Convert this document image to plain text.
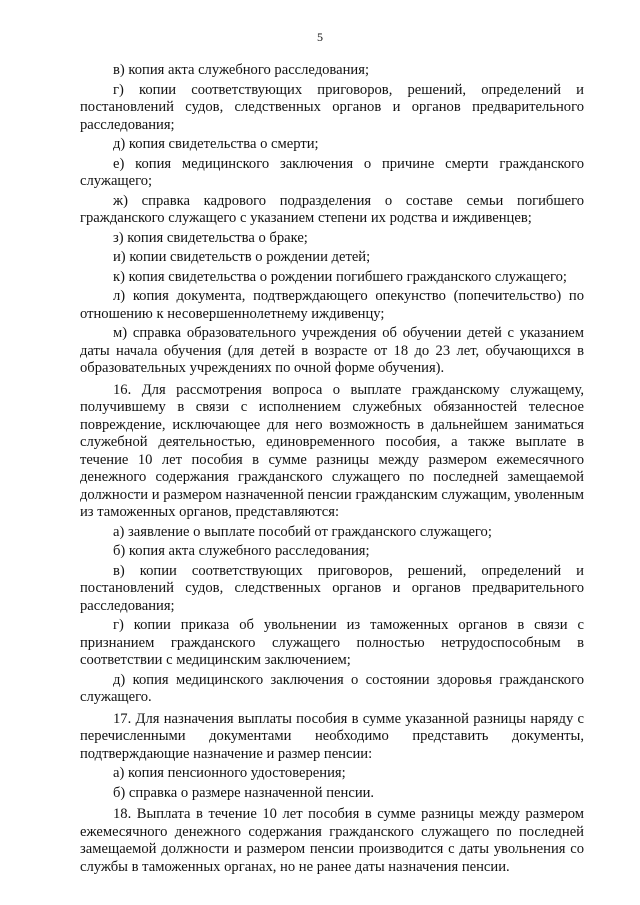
5

в) копия акта служебного расследования;

г) копии соответствующих приговоров, решений, определений и постановлений судов, следственных органов и органов предварительного расследования;

д) копия свидетельства о смерти;

е) копия медицинского заключения о причине смерти гражданского служащего;

ж) справка кадрового подразделения о составе семьи погибшего гражданского служащего с указанием степени их родства и иждивенцев;

з) копия свидетельства о браке;

и) копии свидетельств о рождении детей;

к) копия свидетельства о рождении погибшего гражданского служащего;

л) копия документа, подтверждающего опекунство (попечительство) по отношению к несовершеннолетнему иждивенцу;

м) справка образовательного учреждения об обучении детей с указанием даты начала обучения (для детей в возрасте от 18 до 23 лет, обучающихся в образовательных учреждениях по очной форме обучения).

16. Для рассмотрения вопроса о выплате гражданскому служащему, получившему в связи с исполнением служебных обязанностей телесное повреждение, исключающее для него возможность в дальнейшем заниматься служебной деятельностью, единовременного пособия, а также выплате в течение 10 лет пособия в сумме разницы между размером ежемесячного денежного содержания гражданского служащего по последней замещаемой должности и размером назначенной пенсии гражданским служащим, уволенным из таможенных органов, представляются:

а) заявление о выплате пособий от гражданского служащего;

б) копия акта служебного расследования;

в) копии соответствующих приговоров, решений, определений и постановлений судов, следственных органов и органов предварительного расследования;

г) копии приказа об увольнении из таможенных органов в связи с признанием гражданского служащего полностью нетрудоспособным в соответствии с медицинским заключением;

д) копия медицинского заключения о состоянии здоровья гражданского служащего.

17. Для назначения выплаты пособия в сумме указанной разницы наряду с перечисленными документами необходимо представить документы, подтверждающие назначение и размер пенсии:

а) копия пенсионного удостоверения;

б) справка о размере назначенной пенсии.

18. Выплата в течение 10 лет пособия в сумме разницы между размером ежемесячного денежного содержания гражданского служащего по последней замещаемой должности и размером пенсии производится с даты увольнения со службы в таможенных органах, но не ранее даты назначения пенсии.
